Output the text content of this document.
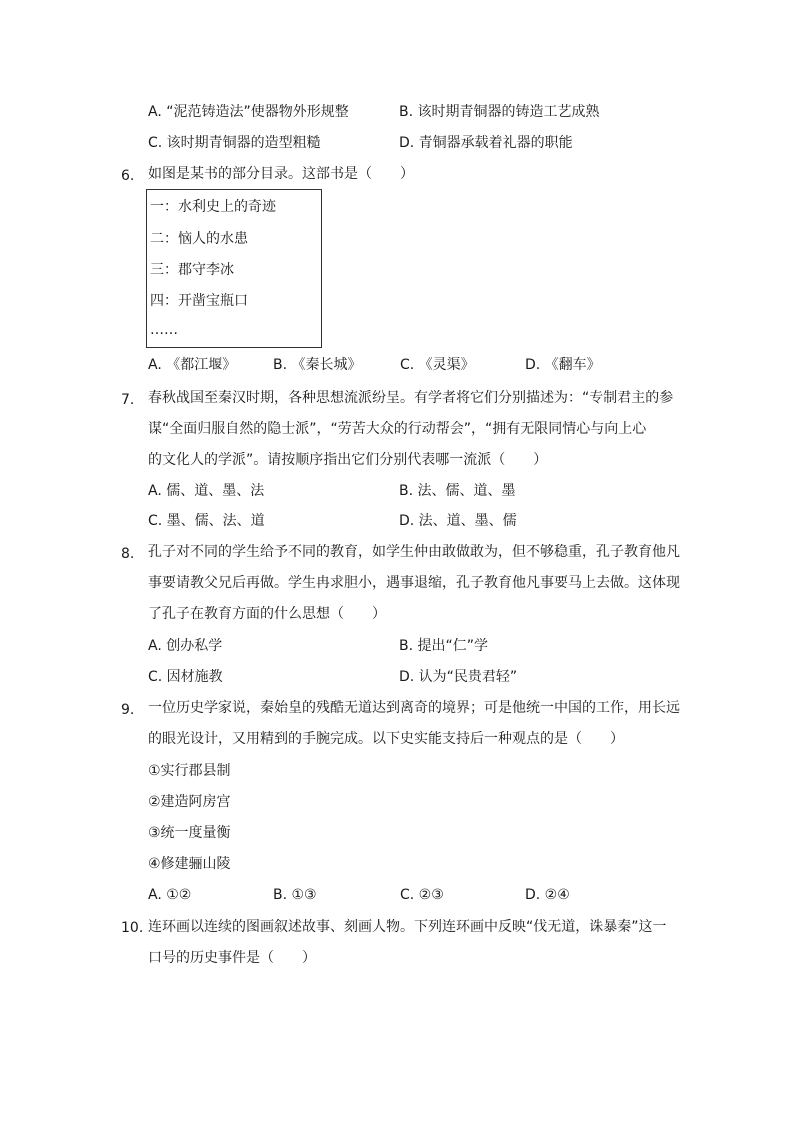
A. “泥范铸造法”使器物外形规整	B. 该时期青铜器的铸造工艺成熟
C. 该时期青铜器的造型粗糙	D. 青铜器承载着礼器的职能
6. 如图是某书的部分目录。这部书是（　　）
一：水利史上的奇迹
二：恼人的水患
三：郡守李冰
四：开凿宝瓶口
……
A. 《都江堰》	B. 《秦长城》	C. 《灵渠》	D. 《翻车》
7. 春秋战国至秦汉时期，各种思想流派纷呈。有学者将它们分别描述为：“专制君主的参
谋“全面归服自然的隐士派”，“劳苦大众的行动帮会”，“拥有无限同情心与向上心
的文化人的学派”。请按顺序指出它们分别代表哪一流派（　　）
A. 儒、道、墨、法	B. 法、儒、道、墨
C. 墨、儒、法、道	D. 法、道、墨、儒
8. 孔子对不同的学生给予不同的教育，如学生仲由敢做敢为，但不够稳重，孔子教育他凡
事要请教父兄后再做。学生冉求胆小，遇事退缩，孔子教育他凡事要马上去做。这体现
了孔子在教育方面的什么思想（　　）
A. 创办私学	B. 提出“仁”学
C. 因材施教	D. 认为“民贵君轻”
9. 一位历史学家说，秦始皇的残酷无道达到离奇的境界；可是他统一中国的工作，用长远
的眼光设计，又用精到的手腕完成。以下史实能支持后一种观点的是（　　）
①实行郡县制
②建造阿房宫
③统一度量衡
④修建骊山陵
A. ①②	B. ①③	C. ②③	D. ②④
10. 连环画以连续的图画叙述故事、刻画人物。下列连环画中反映“伐无道，诛暴秦”这一
口号的历史事件是（　　）
